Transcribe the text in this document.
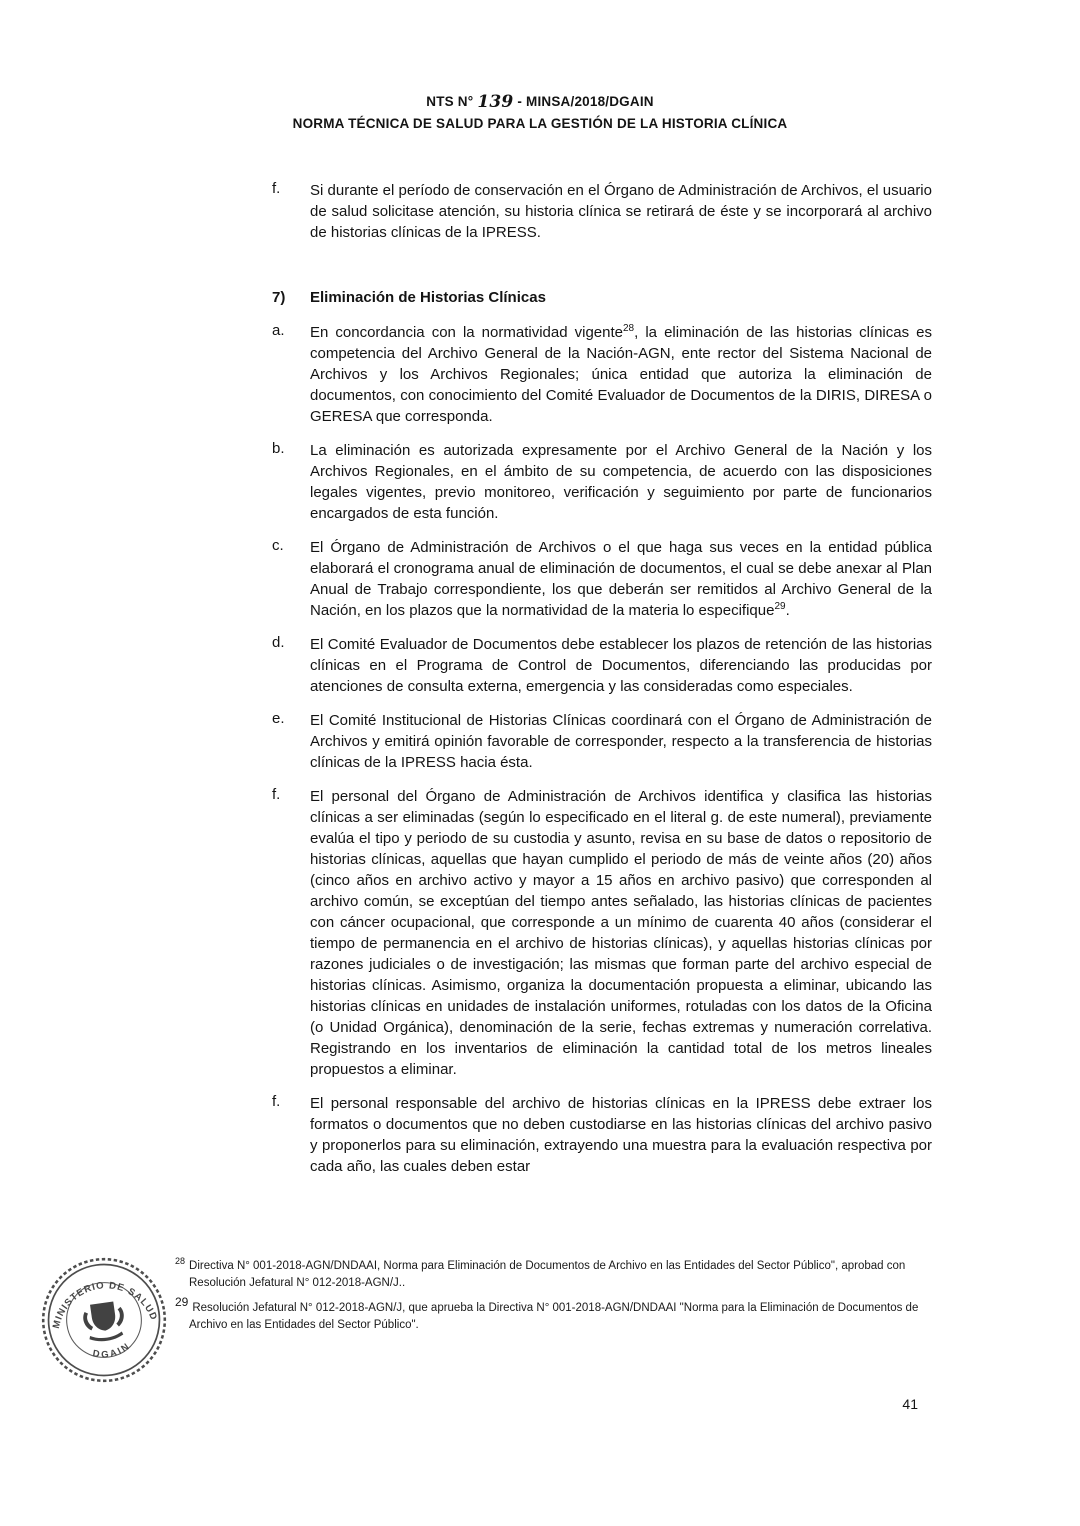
NTS N° 139 - MINSA/2018/DGAIN
NORMA TÉCNICA DE SALUD PARA LA GESTIÓN DE LA HISTORIA CLÍNICA
f.	Si durante el período de conservación en el Órgano de Administración de Archivos, el usuario de salud solicitase atención, su historia clínica se retirará de éste y se incorporará al archivo de historias clínicas de la IPRESS.

7)	Eliminación de Historias Clínicas
a.	En concordancia con la normatividad vigente$^{28}$, la eliminación de las historias clínicas es competencia del Archivo General de la Nación-AGN, ente rector del Sistema Nacional de Archivos y los Archivos Regionales; única entidad que autoriza la eliminación de documentos, con conocimiento del Comité Evaluador de Documentos de la DIRIS, DIRESA o GERESA que corresponda.

b.	La eliminación es autorizada expresamente por el Archivo General de la Nación y los Archivos Regionales, en el ámbito de su competencia, de acuerdo con las disposiciones legales vigentes, previo monitoreo, verificación y seguimiento por parte de funcionarios encargados de esta función.

c.	El Órgano de Administración de Archivos o el que haga sus veces en la entidad pública elaborará el cronograma anual de eliminación de documentos, el cual se debe anexar al Plan Anual de Trabajo correspondiente, los que deberán ser remitidos al Archivo General de la Nación, en los plazos que la normatividad de la materia lo especifique$^{29}$.

d.	El Comité Evaluador de Documentos debe establecer los plazos de retención de las historias clínicas en el Programa de Control de Documentos, diferenciando las producidas por atenciones de consulta externa, emergencia y las consideradas como especiales.

e.	El Comité Institucional de Historias Clínicas coordinará con el Órgano de Administración de Archivos y emitirá opinión favorable de corresponder, respecto a la transferencia de historias clínicas de la IPRESS hacia ésta.

f.	El personal del Órgano de Administración de Archivos identifica y clasifica las historias clínicas a ser eliminadas (según lo especificado en el literal g. de este numeral), previamente evalúa el tipo y periodo de su custodia y asunto, revisa en su base de datos o repositorio de historias clínicas, aquellas que hayan cumplido el periodo de más de veinte años (20) años (cinco años en archivo activo y mayor a 15 años en archivo pasivo) que corresponden al archivo común, se exceptúan del tiempo antes señalado, las historias clínicas de pacientes con cáncer ocupacional, que corresponde a un mínimo de cuarenta 40 años (considerar el tiempo de permanencia en el archivo de historias clínicas), y aquellas historias clínicas por razones judiciales o de investigación; las mismas que forman parte del archivo especial de historias clínicas. Asimismo, organiza la documentación propuesta a eliminar, ubicando las historias clínicas en unidades de instalación uniformes, rotuladas con los datos de la Oficina (o Unidad Orgánica), denominación de la serie, fechas extremas y numeración correlativa. Registrando en los inventarios de eliminación la cantidad total de los metros lineales propuestos a eliminar.

f.	El personal responsable del archivo de historias clínicas en la IPRESS debe extraer los formatos o documentos que no deben custodiarse en las historias clínicas del archivo pasivo y proponerlos para su eliminación, extrayendo una muestra para la evaluación respectiva por cada año, las cuales deben estar

$^{28}$ Directiva N° 001-2018-AGN/DNDAAI, Norma para Eliminación de Documentos de Archivo en las Entidades del Sector Público", aprobad con Resolución Jefatural N° 012-2018-AGN/J..
$^{29}$ Resolución Jefatural N° 012-2018-AGN/J, que aprueba la Directiva N° 001-2018-AGN/DNDAAI "Norma para la Eliminación de Documentos de Archivo en las Entidades del Sector Público".
MINISTERIO DE SALUD
DGAIN
41
